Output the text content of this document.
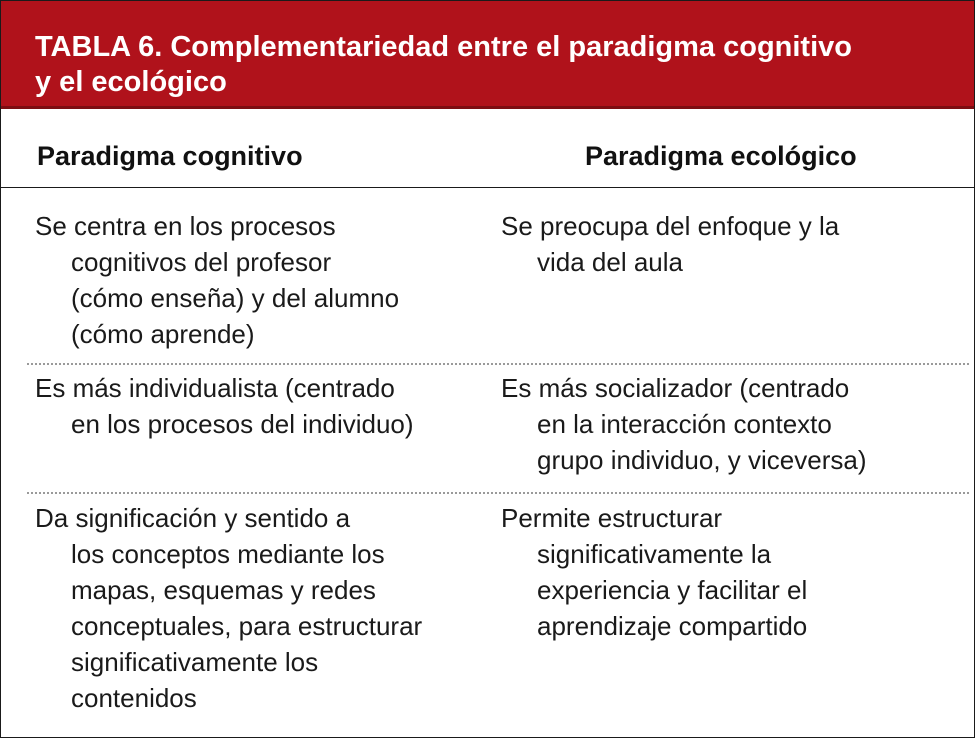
TABLA 6. Complementariedad entre el paradigma cognitivo
y el ecológico
Paradigma cognitivo	Paradigma ecológico
Se centra en los procesos
cognitivos del profesor
(cómo enseña) y del alumno
(cómo aprende)
Se preocupa del enfoque y la
vida del aula
Es más individualista (centrado
en los procesos del individuo)
Es más socializador (centrado
en la interacción contexto
grupo individuo, y viceversa)
Da significación y sentido a
los conceptos mediante los
mapas, esquemas y redes
conceptuales, para estructurar
significativamente los
contenidos
Permite estructurar
significativamente la
experiencia y facilitar el
aprendizaje compartido
